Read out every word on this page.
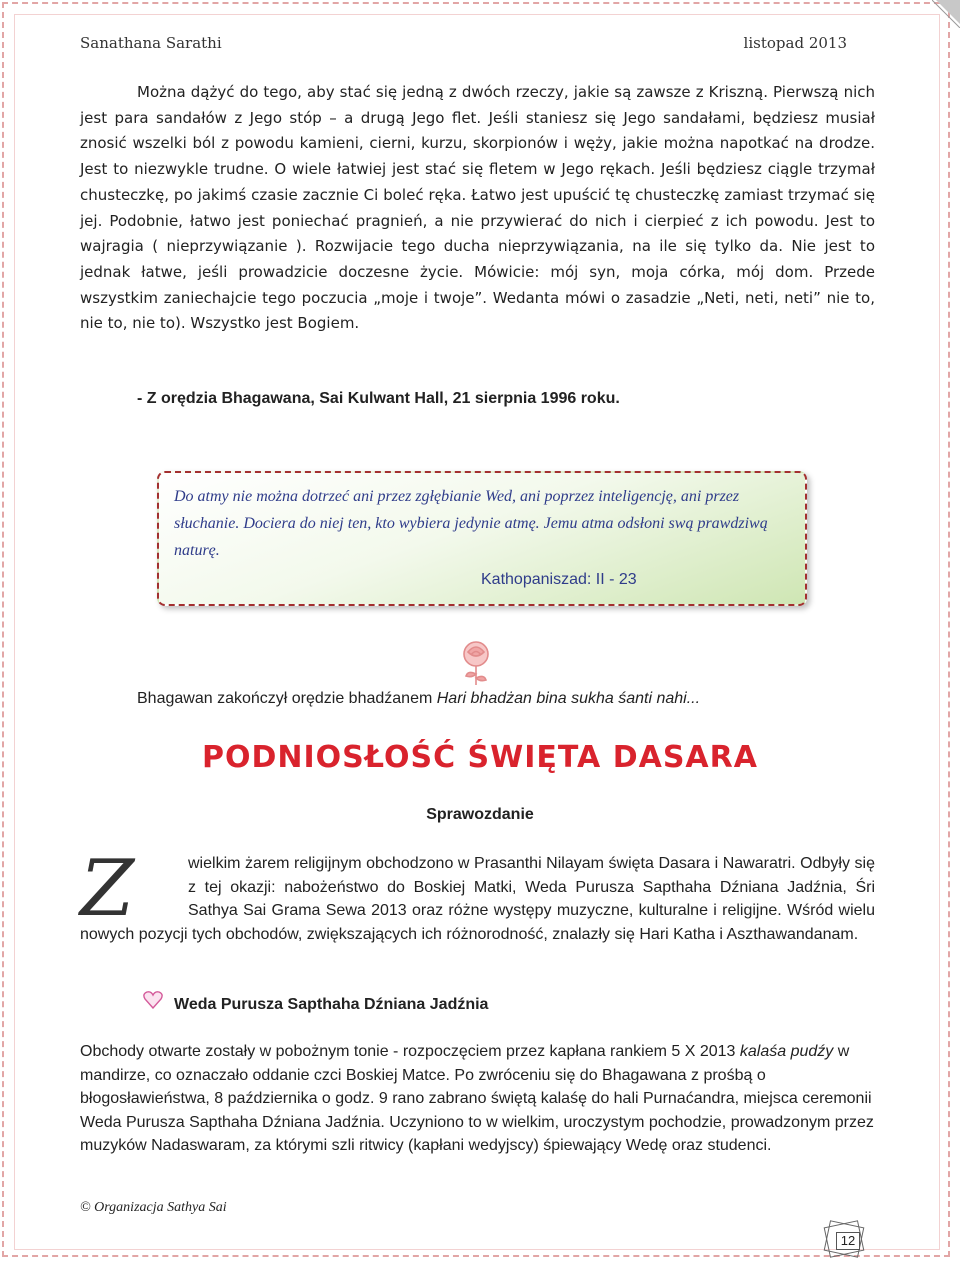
Sanathana Sarathi	listopad 2013
Można dążyć do tego, aby stać się jedną z dwóch rzeczy, jakie są zawsze z Kriszną. Pierwszą nich jest para sandałów z Jego stóp – a drugą Jego flet. Jeśli staniesz się Jego sandałami, będziesz musiał znosić wszelki ból z powodu kamieni, cierni, kurzu, skorpionów i węży, jakie można napotkać na drodze. Jest to niezwykle trudne. O wiele łatwiej jest stać się fletem w Jego rękach. Jeśli będziesz ciągle trzymał chusteczkę, po jakimś czasie zacznie Ci boleć ręka. Łatwo jest upuścić tę chusteczkę zamiast trzymać się jej. Podobnie, łatwo jest poniechać pragnień, a nie przywierać do nich i cierpieć z ich powodu. Jest to wajragia ( nieprzywiązanie ). Rozwijacie tego ducha nieprzywiązania, na ile się tylko da. Nie jest to jednak łatwe, jeśli prowadzicie doczesne życie. Mówicie: mój syn, moja córka, mój dom. Przede wszystkim zaniechajcie tego poczucia „moje i twoje”. Wedanta mówi o zasadzie „Neti, neti, neti” nie to, nie to, nie to). Wszystko jest Bogiem.
- Z orędzia Bhagawana, Sai Kulwant Hall, 21 sierpnia 1996 roku.
Bhagawan zakończył orędzie bhadźanem Hari bhadżan bina sukha śanti nahi...
Do atmy nie można dotrzeć ani przez zgłębianie Wed, ani poprzez inteligencję, ani przez słuchanie. Dociera do niej ten, kto wybiera jedynie atmę. Jemu atma odsłoni swą prawdziwą naturę.
Kathopaniszad: II - 23
PODNIOSŁOŚĆ ŚWIĘTA DASARA
Sprawozdanie
Z	wielkim żarem religijnym obchodzono w Prasanthi Nilayam święta Dasara i Nawaratri. Odbyły się z tej okazji: nabożeństwo do Boskiej Matki, Weda Purusza Sapthaha Dźniana Jadźnia, Śri Sathya Sai Grama Sewa 2013 oraz różne występy muzyczne, kulturalne i religijne. Wśród wielu nowych pozycji tych obchodów, zwiększających ich różnorodność, znalazły się Hari Katha i Aszthawandanam.
Weda Purusza Sapthaha Dźniana Jadźnia
Obchody otwarte zostały w pobożnym tonie - rozpoczęciem przez kapłana rankiem 5 X 2013 kalaśa pudźy w mandirze, co oznaczało oddanie czci Boskiej Matce. Po zwróceniu się do Bhagawana z prośbą o błogosławieństwa, 8 października o godz. 9 rano zabrano świętą kalaśę do hali Purnaćandra, miejsca ceremonii Weda Purusza Sapthaha Dźniana Jadźnia. Uczyniono to w wielkim, uroczystym pochodzie, prowadzonym przez muzyków Nadaswaram, za którymi szli ritwicy (kapłani wedyjscy) śpiewający Wedę oraz studenci.
© Organizacja Sathya Sai
12
